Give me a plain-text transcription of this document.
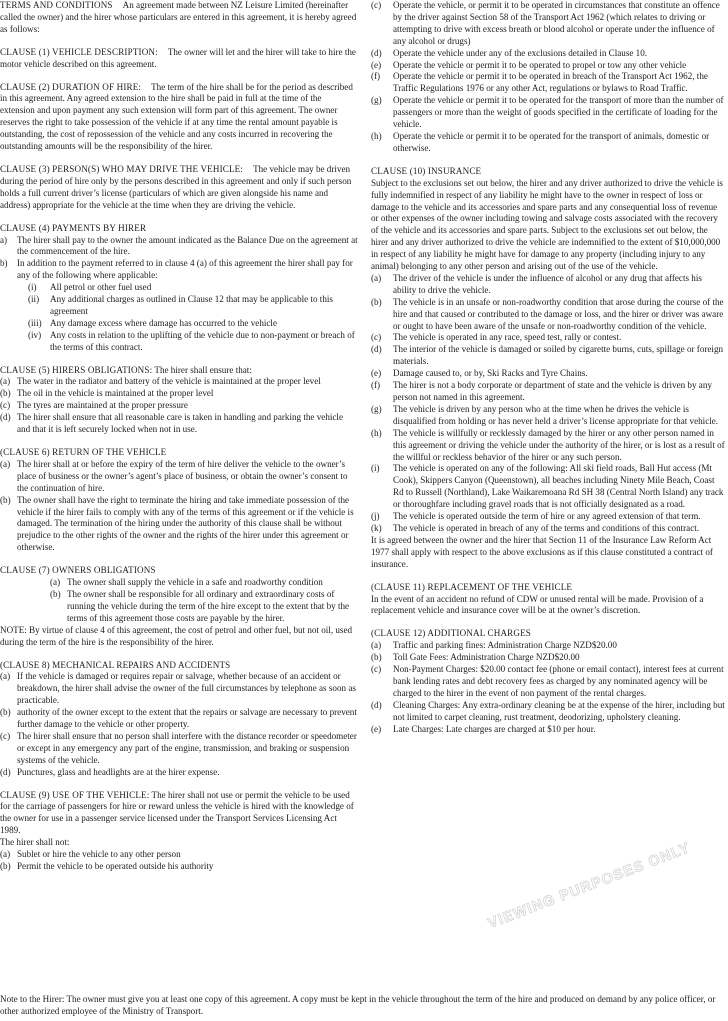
TERMS AND CONDITIONS An agreement made between NZ Leisure Limited (hereinafter called the owner) and the hirer whose particulars are entered in this agreement, it is hereby agreed as follows:

CLAUSE (1) VEHICLE DESCRIPTION: The owner will let and the hirer will take to hire the motor vehicle described on this agreement.

CLAUSE (2) DURATION OF HIRE: The term of the hire shall be for the period as described in this agreement. Any agreed extension to the hire shall be paid in full at the time of the extension and upon payment any such extension will form part of this agreement. The owner reserves the right to take possession of the vehicle if at any time the rental amount payable is outstanding, the cost of repossession of the vehicle and any costs incurred in recovering the outstanding amounts will be the responsibility of the hirer.

CLAUSE (3) PERSON(S) WHO MAY DRIVE THE VEHICLE: The vehicle may be driven during the period of hire only by the persons described in this agreement and only if such person holds a full current driver’s license (particulars of which are given alongside his name and address) appropriate for the vehicle at the time when they are driving the vehicle.

CLAUSE (4) PAYMENTS BY HIRER

a)	The hirer shall pay to the owner the amount indicated as the Balance Due on the agreement at the commencement of the hire.
b)	In addition to the payment referred to in clause 4 (a) of this agreement the hirer shall pay for any of the following where applicable:
(i)	All petrol or other fuel used
(ii)	Any additional charges as outlined in Clause 12 that may be applicable to this agreement
(iii) Any damage excess where damage has occurred to the vehicle
(iv) Any costs in relation to the uplifting of the vehicle due to non-payment or breach of the terms of this contract.

CLAUSE (5) HIRERS OBLIGATIONS: The hirer shall ensure that:

(a) The water in the radiator and battery of the vehicle is maintained at the proper level
(b) The oil in the vehicle is maintained at the proper level
(c) The tyres are maintained at the proper pressure
(d) The hirer shall ensure that all reasonable care is taken in handling and parking the vehicle and that it is left securely locked when not in use.

(CLAUSE 6) RETURN OF THE VEHICLE

(a) The hirer shall at or before the expiry of the term of hire deliver the vehicle to the owner’s place of business or the owner’s agent’s place of business, or obtain the owner’s consent to the continuation of hire.
(b) The owner shall have the right to terminate the hiring and take immediate possession of the vehicle if the hirer fails to comply with any of the terms of this agreement or if the vehicle is damaged. The termination of the hiring under the authority of this clause shall be without prejudice to the other rights of the owner and the rights of the hirer under this agreement or otherwise.

CLAUSE (7) OWNERS OBLIGATIONS

(a) The owner shall supply the vehicle in a safe and roadworthy condition
(b) The owner shall be responsible for all ordinary and extraordinary costs of running the vehicle during the term of the hire except to the extent that by the terms of this agreement those costs are payable by the hirer.

NOTE: By virtue of clause 4 of this agreement, the cost of petrol and other fuel, but not oil, used during the term of the hire is the responsibility of the hirer.

(CLAUSE 8) MECHANICAL REPAIRS AND ACCIDENTS

(a) If the vehicle is damaged or requires repair or salvage, whether because of an accident or breakdown, the hirer shall advise the owner of the full circumstances by telephone as soon as practicable.
(b) authority of the owner except to the extent that the repairs or salvage are necessary to prevent further damage to the vehicle or other property.
(c) The hirer shall ensure that no person shall interfere with the distance recorder or speedometer or except in any emergency any part of the engine, transmission, and braking or suspension systems of the vehicle.
(d) Punctures, glass and headlights are at the hirer expense.

CLAUSE (9) USE OF THE VEHICLE: The hirer shall not use or permit the vehicle to be used for the carriage of passengers for hire or reward unless the vehicle is hired with the knowledge of the owner for use in a passenger service licensed under the Transport Services Licensing Act 1989.

The hirer shall not:

(a) Sublet or hire the vehicle to any other person
(b) Permit the vehicle to be operated outside his authority
(c)	Operate the vehicle, or permit it to be operated in circumstances that constitute an offence by the driver against Section 58 of the Transport Act 1962 (which relates to driving or attempting to drive with excess breath or blood alcohol or operate under the influence of any alcohol or drugs)
(d)	Operate the vehicle under any of the exclusions detailed in Clause 10.
(e)	Operate the vehicle or permit it to be operated to propel or tow any other vehicle
(f)	Operate the vehicle or permit it to be operated in breach of the Transport Act 1962, the Traffic Regulations 1976 or any other Act, regulations or bylaws to Road Traffic.
(g)	Operate the vehicle or permit it to be operated for the transport of more than the number of passengers or more than the weight of goods specified in the certificate of loading for the vehicle.
(h)	Operate the vehicle or permit it to be operated for the transport of animals, domestic or otherwise.

CLAUSE (10) INSURANCE

Subject to the exclusions set out below, the hirer and any driver authorized to drive the vehicle is fully indemnified in respect of any liability he might have to the owner in respect of loss or damage to the vehicle and its accessories and spare parts and any consequential loss of revenue or other expenses of the owner including towing and salvage costs associated with the recovery of the vehicle and its accessories and spare parts. Subject to the exclusions set out below, the hirer and any driver authorized to drive the vehicle are indemnified to the extent of $10,000,000 in respect of any liability he might have for damage to any property (including injury to any animal) belonging to any other person and arising out of the use of the vehicle.

(a)	The driver of the vehicle is under the influence of alcohol or any drug that affects his ability to drive the vehicle.
(b)	The vehicle is in an unsafe or non-roadworthy condition that arose during the course of the hire and that caused or contributed to the damage or loss, and the hirer or driver was aware or ought to have been aware of the unsafe or non-roadworthy condition of the vehicle.
(c)	The vehicle is operated in any race, speed test, rally or contest.
(d)	The interior of the vehicle is damaged or soiled by cigarette burns, cuts, spillage or foreign materials.
(e)	Damage caused to, or by, Ski Racks and Tyre Chains.
(f)	The hirer is not a body corporate or department of state and the vehicle is driven by any person not named in this agreement.
(g)	The vehicle is driven by any person who at the time when he drives the vehicle is disqualified from holding or has never held a driver’s license appropriate for that vehicle.
(h)	The vehicle is willfully or recklessly damaged by the hirer or any other person named in this agreement or driving the vehicle under the authority of the hirer, or is lost as a result of the willful or reckless behavior of the hirer or any such person.
(i)	The vehicle is operated on any of the following: All ski field roads, Ball Hut access (Mt Cook), Skippers Canyon (Queenstown), all beaches including Ninety Mile Beach, Coast Rd to Russell (Northland), Lake Waikaremoana Rd SH 38 (Central North Island) any track or thoroughfare including gravel roads that is not officially designated as a road.
(j)	The vehicle is operated outside the term of hire or any agreed extension of that term.
(k)	The vehicle is operated in breach of any of the terms and conditions of this contract.

It is agreed between the owner and the hirer that Section 11 of the Insurance Law Reform Act 1977 shall apply with respect to the above exclusions as if this clause constituted a contract of insurance.

(CLAUSE 11) REPLACEMENT OF THE VEHICLE

In the event of an accident no refund of CDW or unused rental will be made. Provision of a replacement vehicle and insurance cover will be at the owner’s discretion.

(CLAUSE 12) ADDITIONAL CHARGES

(a)	Traffic and parking fines: Administration Charge NZD$20.00
(b)	Toll Gate Fees: Administration Charge NZD$20.00
(c)	Non-Payment Charges: $20.00 contact fee (phone or email contact), interest fees at current bank lending rates and debt recovery fees as charged by any nominated agency will be charged to the hirer in the event of non payment of the rental charges.
(d)	Cleaning Charges: Any extra-ordinary cleaning be at the expense of the hirer, including but not limited to carpet cleaning, rust treatment, deodorizing, upholstery cleaning.
(e)	Late Charges: Late charges are charged at $10 per hour.
VIEWING PURPOSES ONLY

Note to the Hirer: The owner must give you at least one copy of this agreement. A copy must be kept in the vehicle throughout the term of the hire and produced on demand by any police officer, or other authorized employee of the Ministry of Transport.
